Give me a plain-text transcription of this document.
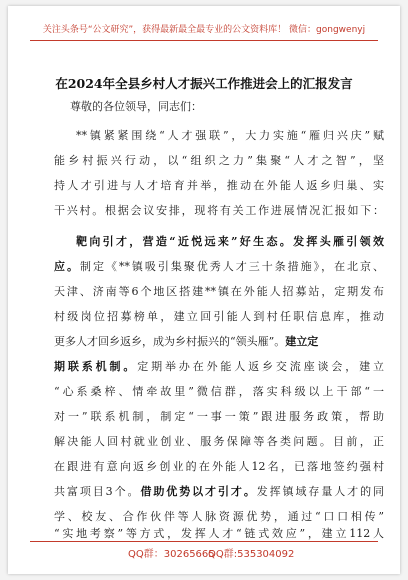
关注头条号“公文研究”，获得最新最全最专业的公文资料库！ 微信：gongwenyj
在2024年全县乡村人才振兴工作推进会上的汇报发言
尊敬的各位领导，同志们：
**镇紧紧围绕“人才强联”，大力实施“雁归兴庆”赋
能乡村振兴行动，以“组织之力”集聚“人才之智”，坚
持人才引进与人才培育并举，推动在外能人返乡归巢、实
干兴村。根据会议安排，现将有关工作进展情况汇报如下：
靶向引才，营造“近悦远来”好生态。发挥头雁引领效
应。制定《**镇吸引集聚优秀人才三十条措施》，在北京、
天津、济南等6个地区搭建**镇在外能人招募站，定期发布
村级岗位招募榜单，建立回引能人到村任职信息库，推动
更多人才回乡返乡，成为乡村振兴的“领头雁”。建立定
期联系机制。定期举办在外能人返乡交流座谈会，建立
“心系桑梓、情牵故里”微信群，落实科级以上干部“一
对一”联系机制，制定“一事一策”跟进服务政策，帮助
解决能人回村就业创业、服务保障等各类问题。目前，正
在跟进有意向返乡创业的在外能人12名，已落地签约强村
共富项目3个。借助优势以才引才。发挥镇域存量人才的同
学、校友、合作伙伴等人脉资源优势，通过“口口相传”
“实地考察”等方式，发挥人才“链式效应”，建立112人
QQ群：30265665
QQ群:535304092
